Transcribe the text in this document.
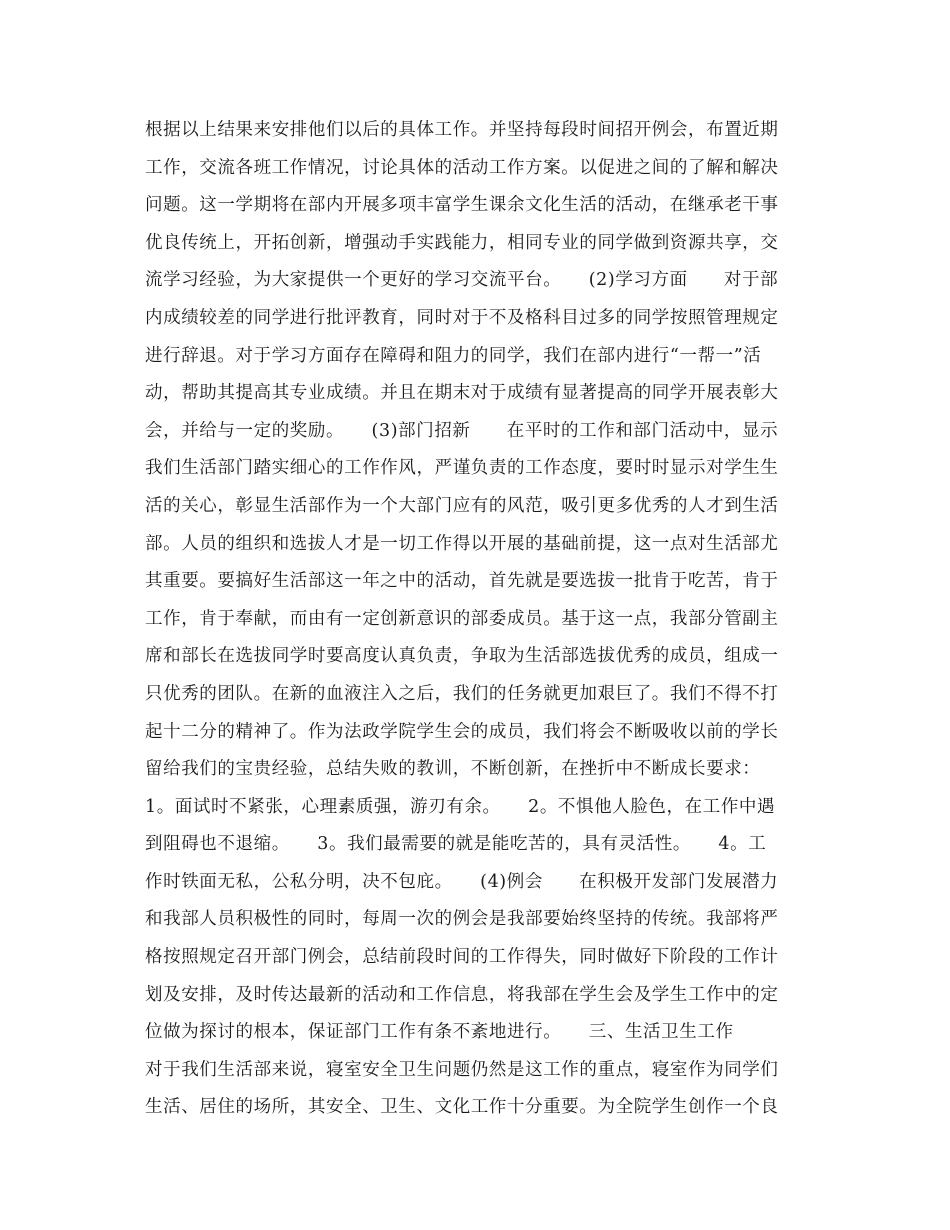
根据以上结果来安排他们以后的具体工作。并坚持每段时间招开例会，布置近期
工作，交流各班工作情况，讨论具体的活动工作方案。以促进之间的了解和解决
问题。这一学期将在部内开展多项丰富学生课余文化生活的活动，在继承老干事
优良传统上，开拓创新，增强动手实践能力，相同专业的同学做到资源共享，交
流学习经验，为大家提供一个更好的学习交流平台。　　(2)学习方面　　对于部
内成绩较差的同学进行批评教育，同时对于不及格科目过多的同学按照管理规定
进行辞退。对于学习方面存在障碍和阻力的同学，我们在部内进行“一帮一”活
动，帮助其提高其专业成绩。并且在期末对于成绩有显著提高的同学开展表彰大
会，并给与一定的奖励。　　(3)部门招新　　在平时的工作和部门活动中，显示
我们生活部门踏实细心的工作作风，严谨负责的工作态度，要时时显示对学生生
活的关心，彰显生活部作为一个大部门应有的风范，吸引更多优秀的人才到生活
部。人员的组织和选拔人才是一切工作得以开展的基础前提，这一点对生活部尤
其重要。要搞好生活部这一年之中的活动，首先就是要选拔一批肯于吃苦，肯于
工作，肯于奉献，而由有一定创新意识的部委成员。基于这一点，我部分管副主
席和部长在选拔同学时要高度认真负责，争取为生活部选拔优秀的成员，组成一
只优秀的团队。在新的血液注入之后，我们的任务就更加艰巨了。我们不得不打
起十二分的精神了。作为法政学院学生会的成员，我们将会不断吸收以前的学长
留给我们的宝贵经验，总结失败的教训，不断创新，在挫折中不断成长要求：
1。面试时不紧张，心理素质强，游刃有余。　　2。不惧他人脸色，在工作中遇
到阻碍也不退缩。　　3。我们最需要的就是能吃苦的，具有灵活性。　　4。工
作时铁面无私，公私分明，决不包庇。　　(4)例会　　在积极开发部门发展潜力
和我部人员积极性的同时，每周一次的例会是我部要始终坚持的传统。我部将严
格按照规定召开部门例会，总结前段时间的工作得失，同时做好下阶段的工作计
划及安排，及时传达最新的活动和工作信息，将我部在学生会及学生工作中的定
位做为探讨的根本，保证部门工作有条不紊地进行。　　三、生活卫生工作
对于我们生活部来说，寝室安全卫生问题仍然是这工作的重点，寝室作为同学们
生活、居住的场所，其安全、卫生、文化工作十分重要。为全院学生创作一个良
